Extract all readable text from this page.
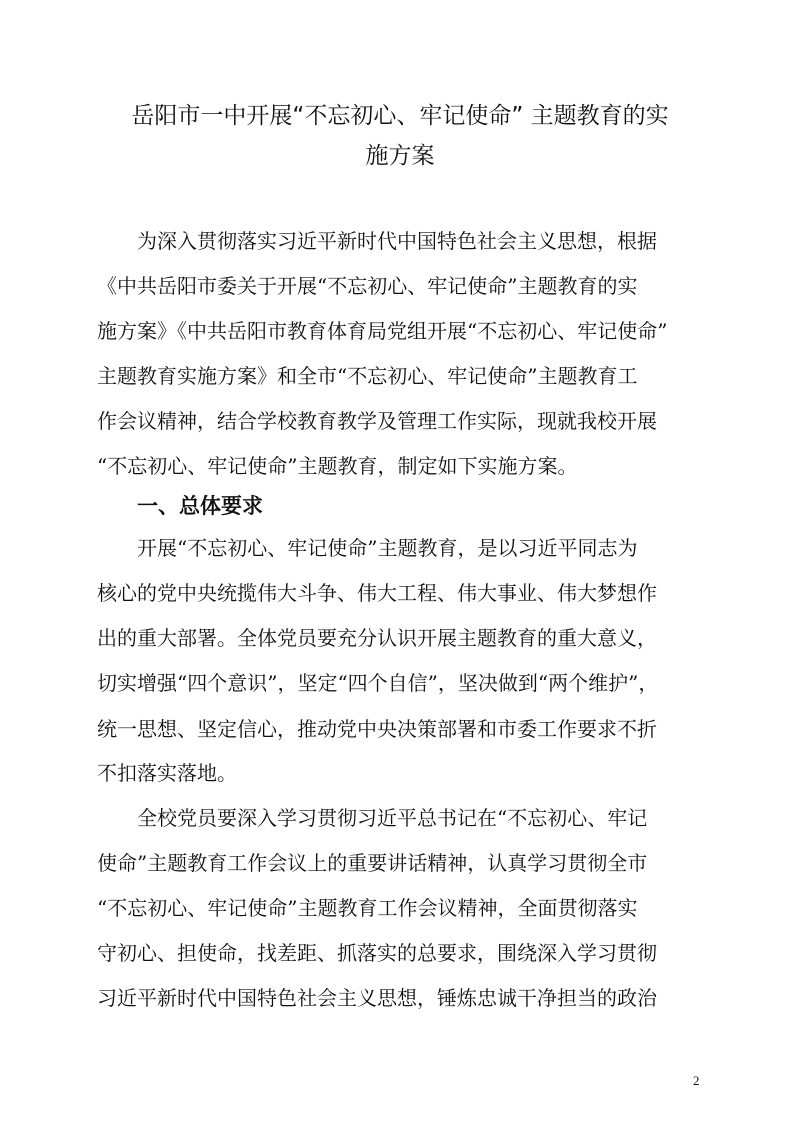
岳阳市一中开展“不忘初心、牢记使命” 主题教育的实
施方案

为深入贯彻落实习近平新时代中国特色社会主义思想，根据

《中共岳阳市委关于开展“不忘初心、牢记使命”主题教育的实

施方案》《中共岳阳市教育体育局党组开展“不忘初心、牢记使命”

主题教育实施方案》和全市“不忘初心、牢记使命”主题教育工

作会议精神，结合学校教育教学及管理工作实际，现就我校开展

“不忘初心、牢记使命”主题教育，制定如下实施方案。

一、总体要求

开展“不忘初心、牢记使命”主题教育，是以习近平同志为

核心的党中央统揽伟大斗争、伟大工程、伟大事业、伟大梦想作

出的重大部署。全体党员要充分认识开展主题教育的重大意义，

切实增强“四个意识”，坚定“四个自信”，坚决做到“两个维护”，

统一思想、坚定信心，推动党中央决策部署和市委工作要求不折

不扣落实落地。

全校党员要深入学习贯彻习近平总书记在“不忘初心、牢记

使命”主题教育工作会议上的重要讲话精神，认真学习贯彻全市

“不忘初心、牢记使命”主题教育工作会议精神，全面贯彻落实

守初心、担使命，找差距、抓落实的总要求，围绕深入学习贯彻

习近平新时代中国特色社会主义思想，锤炼忠诚干净担当的政治

2
